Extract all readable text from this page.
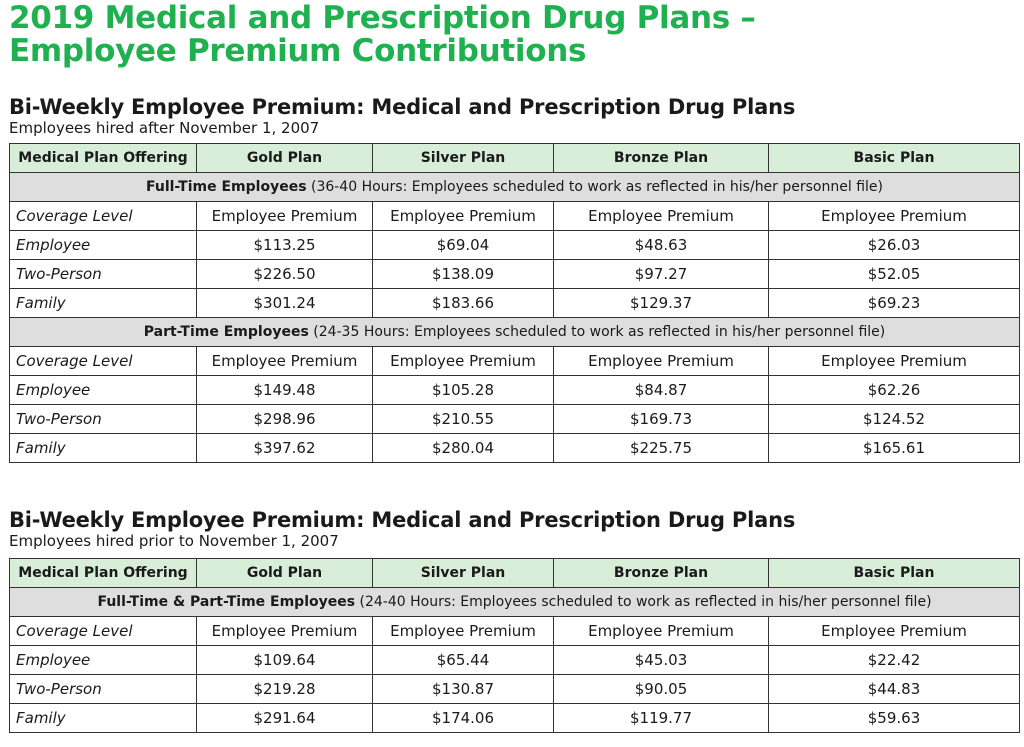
2019 Medical and Prescription Drug Plans –
Employee Premium Contributions
Bi-Weekly Employee Premium: Medical and Prescription Drug Plans
Employees hired after November 1, 2007
Medical Plan Offering	Gold Plan	Silver Plan	Bronze Plan	Basic Plan
Full-Time Employees (36-40 Hours: Employees scheduled to work as reflected in his/her personnel file)				
Coverage Level	Employee Premium	Employee Premium	Employee Premium	Employee Premium
Employee	$113.25	$69.04	$48.63	$26.03
Two-Person	$226.50	$138.09	$97.27	$52.05
Family	$301.24	$183.66	$129.37	$69.23
Part-Time Employees (24-35 Hours: Employees scheduled to work as reflected in his/her personnel file)				
Coverage Level	Employee Premium	Employee Premium	Employee Premium	Employee Premium
Employee	$149.48	$105.28	$84.87	$62.26
Two-Person	$298.96	$210.55	$169.73	$124.52
Family	$397.62	$280.04	$225.75	$165.61
Bi-Weekly Employee Premium: Medical and Prescription Drug Plans
Employees hired prior to November 1, 2007
Medical Plan Offering	Gold Plan	Silver Plan	Bronze Plan	Basic Plan
Full-Time & Part-Time Employees (24-40 Hours: Employees scheduled to work as reflected in his/her personnel file)				
Coverage Level	Employee Premium	Employee Premium	Employee Premium	Employee Premium
Employee	$109.64	$65.44	$45.03	$22.42
Two-Person	$219.28	$130.87	$90.05	$44.83
Family	$291.64	$174.06	$119.77	$59.63
